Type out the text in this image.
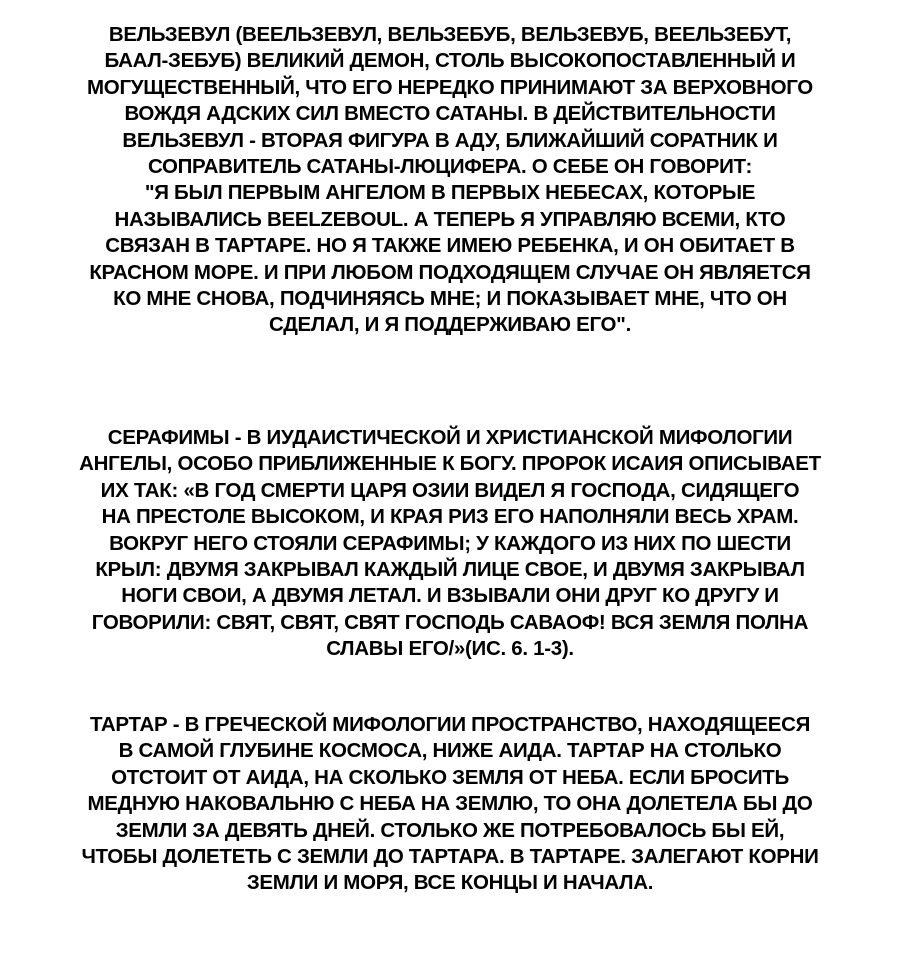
ВЕЛЬЗЕВУЛ (ВЕЕЛЬЗЕВУЛ, ВЕЛЬЗЕБУБ, ВЕЛЬЗЕВУБ, ВЕЕЛЬЗЕБУТ,
БААЛ-ЗЕБУБ) ВЕЛИКИЙ ДЕМОН, СТОЛЬ ВЫСОКОПОСТАВЛЕННЫЙ И
МОГУЩЕСТВЕННЫЙ, ЧТО ЕГО НЕРЕДКО ПРИНИМАЮТ ЗА ВЕРХОВНОГО
ВОЖДЯ АДСКИХ СИЛ ВМЕСТО САТАНЫ. В ДЕЙСТВИТЕЛЬНОСТИ
ВЕЛЬЗЕВУЛ - ВТОРАЯ ФИГУРА В АДУ, БЛИЖАЙШИЙ СОРАТНИК И
СОПРАВИТЕЛЬ САТАНЫ-ЛЮЦИФЕРА. О СЕБЕ ОН ГОВОРИТ:
"Я БЫЛ ПЕРВЫМ АНГЕЛОМ В ПЕРВЫХ НЕБЕСАХ, КОТОРЫЕ
НАЗЫВАЛИСЬ BEELZEBOUL. А ТЕПЕРЬ Я УПРАВЛЯЮ ВСЕМИ, КТО
СВЯЗАН В ТАРТАРЕ. НО Я ТАКЖЕ ИМЕЮ РЕБЕНКА, И ОН ОБИТАЕТ В
КРАСНОМ МОРЕ. И ПРИ ЛЮБОМ ПОДХОДЯЩЕМ СЛУЧАЕ ОН ЯВЛЯЕТСЯ
КО МНЕ СНОВА, ПОДЧИНЯЯСЬ МНЕ; И ПОКАЗЫВАЕТ МНЕ, ЧТО ОН
СДЕЛАЛ, И Я ПОДДЕРЖИВАЮ ЕГО".

СЕРАФИМЫ - В ИУДАИСТИЧЕСКОЙ И ХРИСТИАНСКОЙ МИФОЛОГИИ
АНГЕЛЫ, ОСОБО ПРИБЛИЖЕННЫЕ К БОГУ. ПРОРОК ИСАИЯ ОПИСЫВАЕТ
ИХ ТАК: «В ГОД СМЕРТИ ЦАРЯ ОЗИИ ВИДЕЛ Я ГОСПОДА, СИДЯЩЕГО
НА ПРЕСТОЛЕ ВЫСОКОМ, И КРАЯ РИЗ ЕГО НАПОЛНЯЛИ ВЕСЬ ХРАМ.
ВОКРУГ НЕГО СТОЯЛИ СЕРАФИМЫ; У КАЖДОГО ИЗ НИХ ПО ШЕСТИ
КРЫЛ: ДВУМЯ ЗАКРЫВАЛ КАЖДЫЙ ЛИЦЕ СВОЕ, И ДВУМЯ ЗАКРЫВАЛ
НОГИ СВОИ, А ДВУМЯ ЛЕТАЛ. И ВЗЫВАЛИ ОНИ ДРУГ КО ДРУГУ И
ГОВОРИЛИ: СВЯТ, СВЯТ, СВЯТ ГОСПОДЬ САВАОФ! ВСЯ ЗЕМЛЯ ПОЛНА
СЛАВЫ ЕГО/»(ИС. 6. 1-3).

ТАРТАР - В ГРЕЧЕСКОЙ МИФОЛОГИИ ПРОСТРАНСТВО, НАХОДЯЩЕЕСЯ
В САМОЙ ГЛУБИНЕ КОСМОСА, НИЖЕ АИДА. ТАРТАР НА СТОЛЬКО
ОТСТОИТ ОТ АИДА, НА СКОЛЬКО ЗЕМЛЯ ОТ НЕБА. ЕСЛИ БРОСИТЬ
МЕДНУЮ НАКОВАЛЬНЮ С НЕБА НА ЗЕМЛЮ, ТО ОНА ДОЛЕТЕЛА БЫ ДО
ЗЕМЛИ ЗА ДЕВЯТЬ ДНЕЙ. СТОЛЬКО ЖЕ ПОТРЕБОВАЛОСЬ БЫ ЕЙ,
ЧТОБЫ ДОЛЕТЕТЬ С ЗЕМЛИ ДО ТАРТАРА. В ТАРТАРЕ. ЗАЛЕГАЮТ КОРНИ
ЗЕМЛИ И МОРЯ, ВСЕ КОНЦЫ И НАЧАЛА.
